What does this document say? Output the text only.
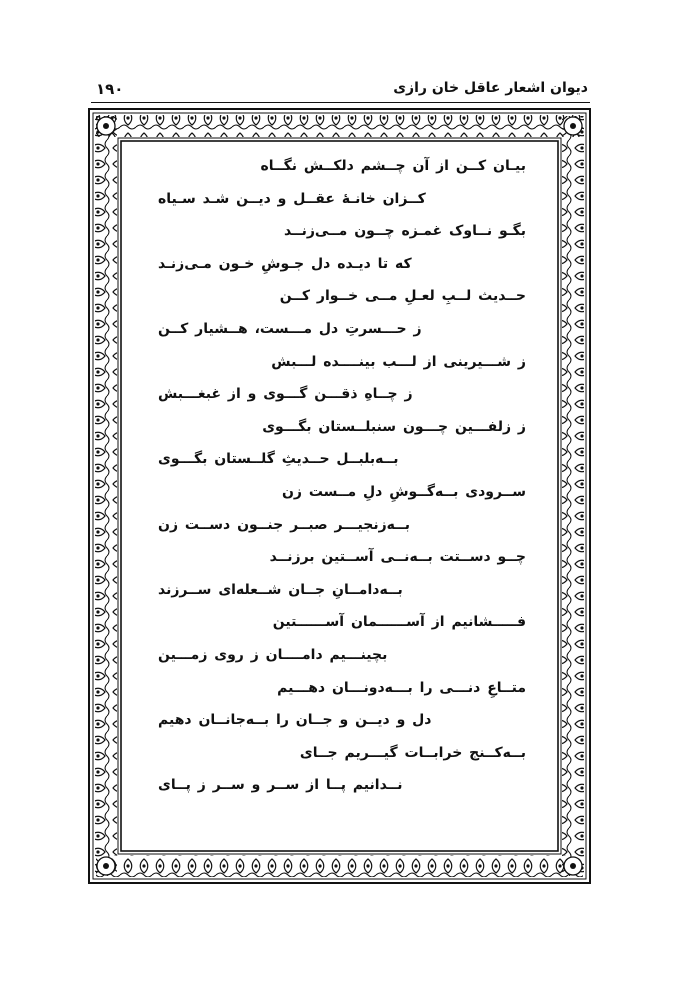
۱۹۰	دیوان اشعار عاقل خان رازی
بیـان کــن از آن چــشم دلکــش نگــاه
کــزان خانـهٔ عقــل و دیــن شـد سـیاه
بگـو نــاوک غمـزه چــون مــی‌زنــد
که تا دیـده دل جـوشِ خـون مـی‌زنـد
حــدیث لــبِ لعـلِ مــی خــوار کــن
ز حـــسرتِ دل مـــست، هــشیار کــن
ز شـــیرینی از لـــب بینــــده لـــبش
ز چــاهِ ذقـــن گـــوی و از غبغـــبش
ز زلفـــین چـــون سنبلــستان بگـــوی
بــه‌بلبــل حــدیثِ گلــستان بگـــوی
ســرودی بــه‌گــوشِ دلِ مــست زن
بــه‌زنجیـــر صبــر جنــون دســت زن
چــو دســتت بــه‌نــی آســتین برزنــد
بــه‌دامــانِ جــان شــعله‌ای ســرزند
فـــــشانیم از آســــــمان آســــــتین
بچینـــیم دامــــان ز روی زمـــین
متــاعِ دنـــی را بـــه‌دونـــان دهـــیم
دل و دیــن و جــان را بــه‌جانــان دهیم
بــه‌کــنج خرابــات گیـــریم جــای
نــدانیم پــا از ســر و ســر ز پــای
